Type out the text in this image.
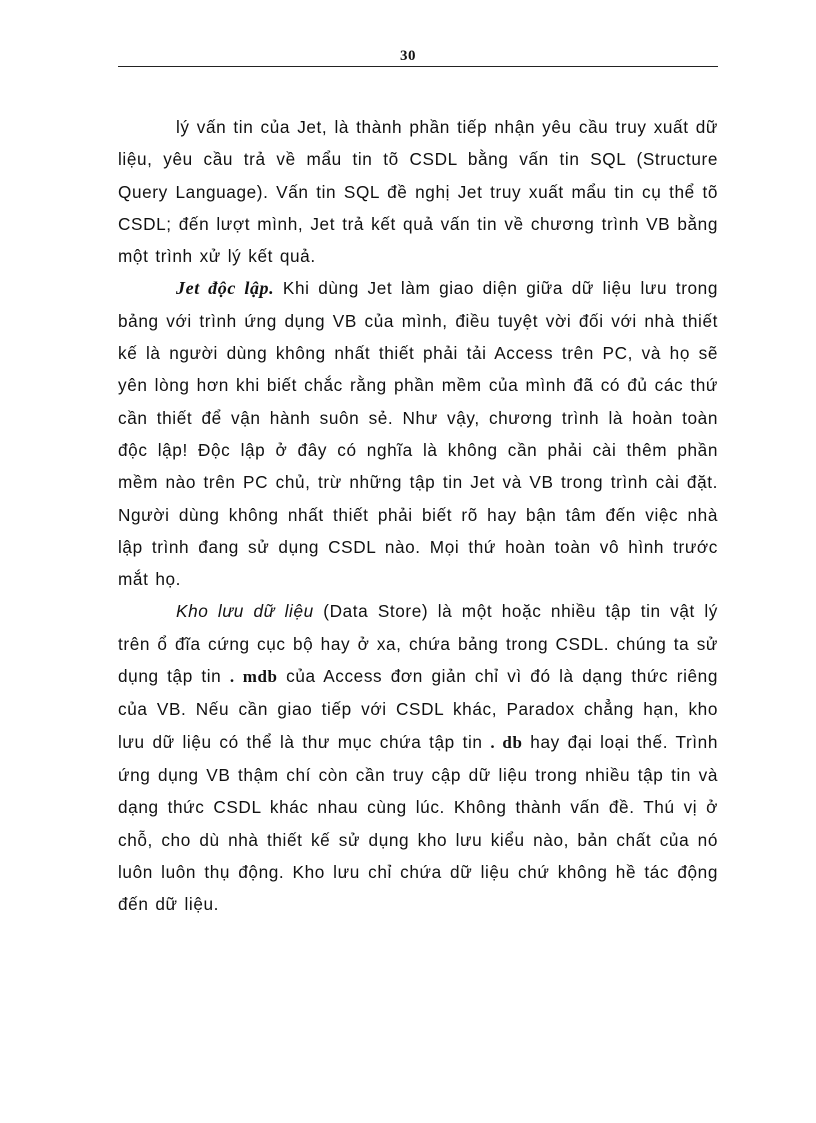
30

lý vấn tin của Jet, là thành phần tiếp nhận yêu cầu truy xuất dữ liệu, yêu cầu trả về mẩu tin tõ CSDL bằng vấn tin SQL (Structure Query Language). Vấn tin SQL đề nghị Jet truy xuất mẩu tin cụ thể tõ CSDL; đến lượt mình, Jet trả kết quả vấn tin về chương trình VB bằng một trình xử lý kết quả.

Jet độc lập. Khi dùng Jet làm giao diện giữa dữ liệu lưu trong bảng với trình ứng dụng VB của mình, điều tuyệt vời đối với nhà thiết kế là người dùng không nhất thiết phải tải Access trên PC, và họ sẽ yên lòng hơn khi biết chắc rằng phần mềm của mình đã có đủ các thứ cần thiết để vận hành suôn sẻ. Như vậy, chương trình là hoàn toàn độc lập! Độc lập ở đây có nghĩa là không cần phải cài thêm phần mềm nào trên PC chủ, trừ những tập tin Jet và VB trong trình cài đặt. Người dùng không nhất thiết phải biết rõ hay bận tâm đến việc nhà lập trình đang sử dụng CSDL nào. Mọi thứ hoàn toàn vô hình trước mắt họ.

Kho lưu dữ liệu (Data Store) là một hoặc nhiều tập tin vật lý trên ổ đĩa cứng cục bộ hay ở xa, chứa bảng trong CSDL. chúng ta sử dụng tập tin . mdb của Access đơn giản chỉ vì đó là dạng thức riêng của VB. Nếu cần giao tiếp với CSDL khác, Paradox chẳng hạn, kho lưu dữ liệu có thể là thư mục chứa tập tin . db hay đại loại thế. Trình ứng dụng VB thậm chí còn cần truy cập dữ liệu trong nhiều tập tin và dạng thức CSDL khác nhau cùng lúc. Không thành vấn đề. Thú vị ở chỗ, cho dù nhà thiết kế sử dụng kho lưu kiểu nào, bản chất của nó luôn luôn thụ động. Kho lưu chỉ chứa dữ liệu chứ không hề tác động đến dữ liệu.
